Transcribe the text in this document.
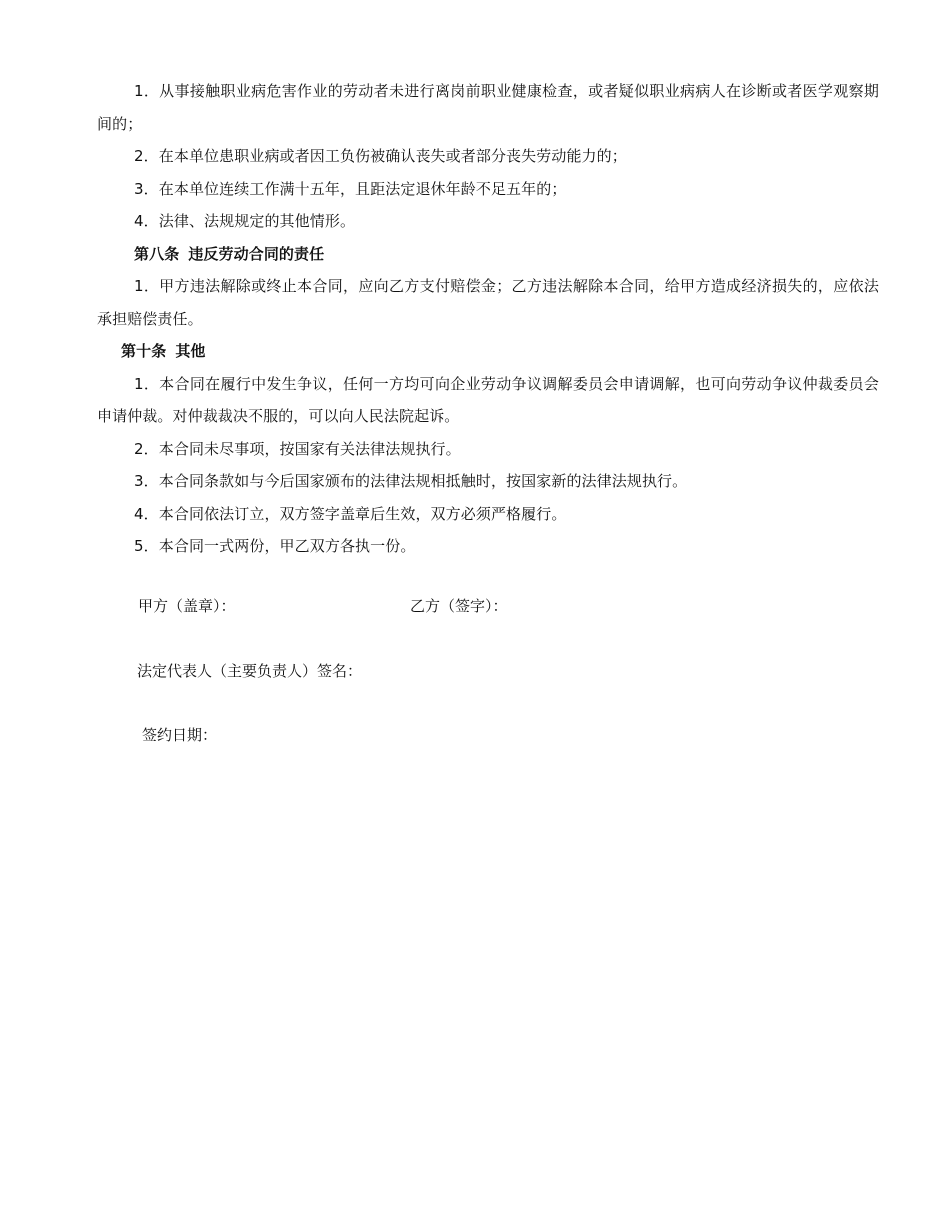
1．从事接触职业病危害作业的劳动者未进行离岗前职业健康检查，或者疑似职业病病人在诊断或者医学观察期间的；

2．在本单位患职业病或者因工负伤被确认丧失或者部分丧失劳动能力的；

3．在本单位连续工作满十五年，且距法定退休年龄不足五年的；

4．法律、法规规定的其他情形。

第八条 违反劳动合同的责任

1．甲方违法解除或终止本合同，应向乙方支付赔偿金；乙方违法解除本合同，给甲方造成经济损失的，应依法承担赔偿责任。

第十条 其他

1．本合同在履行中发生争议，任何一方均可向企业劳动争议调解委员会申请调解，也可向劳动争议仲裁委员会申请仲裁。对仲裁裁决不服的，可以向人民法院起诉。

2．本合同未尽事项，按国家有关法律法规执行。

3．本合同条款如与今后国家颁布的法律法规相抵触时，按国家新的法律法规执行。

4．本合同依法订立，双方签字盖章后生效，双方必须严格履行。

5．本合同一式两份，甲乙双方各执一份。

甲方（盖章）：	乙方（签字）：
法定代表人（主要负责人）签名：
签约日期：
